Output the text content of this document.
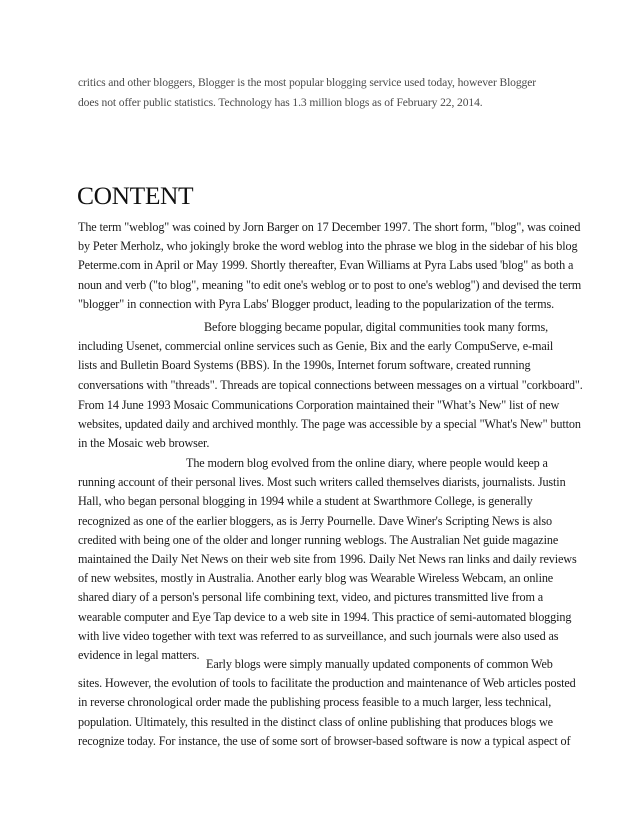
critics and other bloggers, Blogger is the most popular blogging service used today, however Blogger
does not offer public statistics. Technology has 1.3 million blogs as of February 22, 2014.
CONTENT
The term "weblog" was coined by Jorn Barger on 17 December 1997. The short form, "blog", was coined
by Peter Merholz, who jokingly broke the word weblog into the phrase we blog in the sidebar of his blog
Peterme.com in April or May 1999. Shortly thereafter, Evan Williams at Pyra Labs used 'blog" as both a
noun and verb ("to blog", meaning "to edit one's weblog or to post to one's weblog") and devised the term
"blogger" in connection with Pyra Labs' Blogger product, leading to the popularization of the terms.
Before blogging became popular, digital communities took many forms,
including Usenet, commercial online services such as Genie, Bix and the early CompuServe, e-mail
lists and Bulletin Board Systems (BBS). In the 1990s, Internet forum software, created running
conversations with "threads". Threads are topical connections between messages on a virtual "corkboard".
From 14 June 1993 Mosaic Communications Corporation maintained their "What’s New" list of new
websites, updated daily and archived monthly. The page was accessible by a special "What's New" button
in the Mosaic web browser.
The modern blog evolved from the online diary, where people would keep a
running account of their personal lives. Most such writers called themselves diarists, journalists. Justin
Hall, who began personal blogging in 1994 while a student at Swarthmore College, is generally
recognized as one of the earlier bloggers, as is Jerry Pournelle. Dave Winer's Scripting News is also
credited with being one of the older and longer running weblogs. The Australian Net guide magazine
maintained the Daily Net News on their web site from 1996. Daily Net News ran links and daily reviews
of new websites, mostly in Australia. Another early blog was Wearable Wireless Webcam, an online
shared diary of a person's personal life combining text, video, and pictures transmitted live from a
wearable computer and Eye Tap device to a web site in 1994. This practice of semi-automated blogging
with live video together with text was referred to as surveillance, and such journals were also used as
evidence in legal matters.
Early blogs were simply manually updated components of common Web
sites. However, the evolution of tools to facilitate the production and maintenance of Web articles posted
in reverse chronological order made the publishing process feasible to a much larger, less technical,
population. Ultimately, this resulted in the distinct class of online publishing that produces blogs we
recognize today. For instance, the use of some sort of browser-based software is now a typical aspect of
